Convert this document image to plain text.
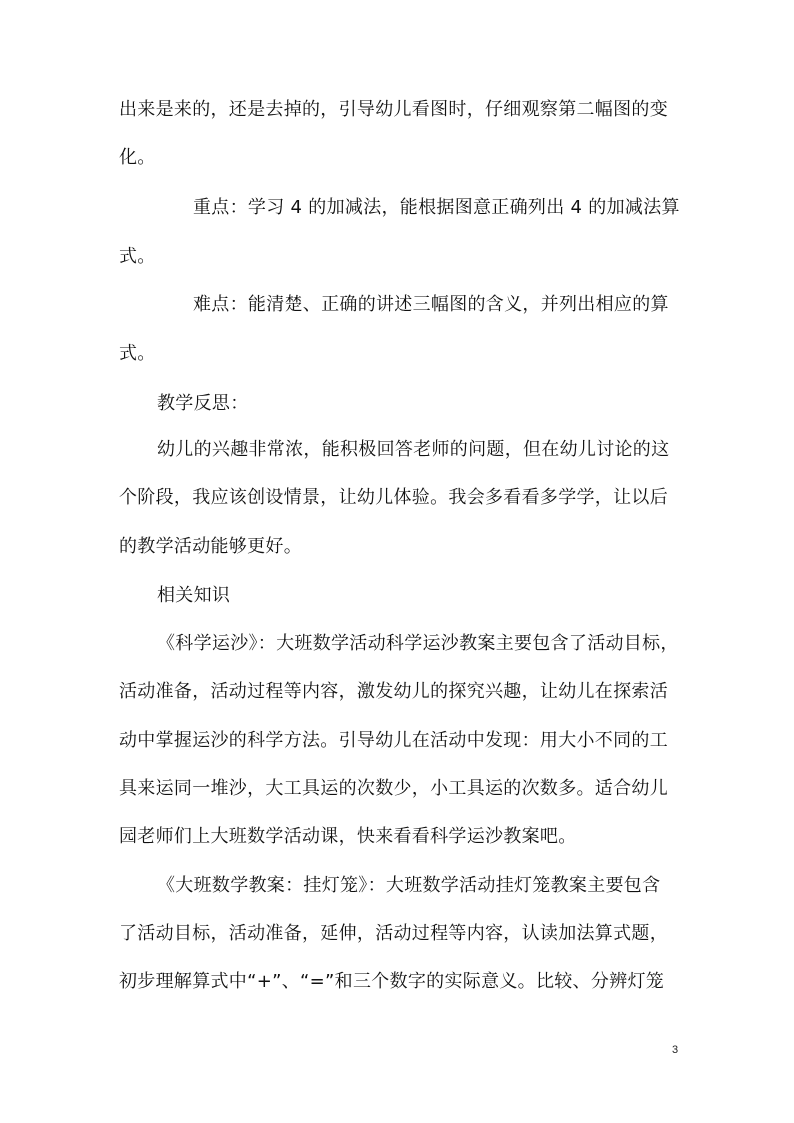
出来是来的，还是去掉的，引导幼儿看图时，仔细观察第二幅图的变
化。
重点：学习 4 的加减法，能根据图意正确列出 4 的加减法算
式。
难点：能清楚、正确的讲述三幅图的含义，并列出相应的算
式。
教学反思：
幼儿的兴趣非常浓，能积极回答老师的问题，但在幼儿讨论的这
个阶段，我应该创设情景，让幼儿体验。我会多看看多学学，让以后
的教学活动能够更好。
相关知识
《科学运沙》：大班数学活动科学运沙教案主要包含了活动目标，
活动准备，活动过程等内容，激发幼儿的探究兴趣，让幼儿在探索活
动中掌握运沙的科学方法。引导幼儿在活动中发现：用大小不同的工
具来运同一堆沙，大工具运的次数少，小工具运的次数多。适合幼儿
园老师们上大班数学活动课，快来看看科学运沙教案吧。
《大班数学教案：挂灯笼》：大班数学活动挂灯笼教案主要包含
了活动目标，活动准备，延伸，活动过程等内容，认读加法算式题，
初步理解算式中“+”、“=”和三个数字的实际意义。比较、分辨灯笼
3
